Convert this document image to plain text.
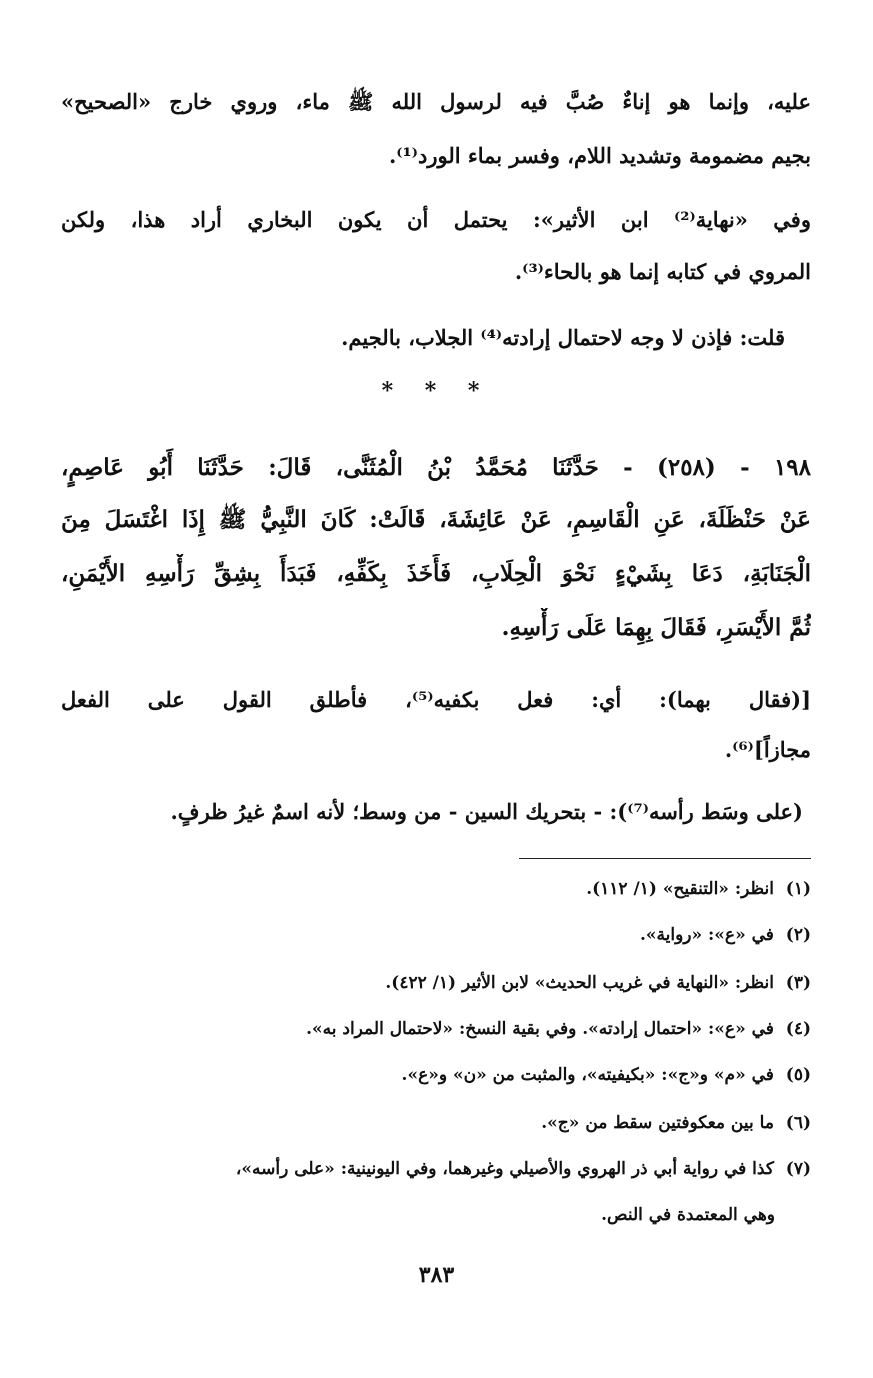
عليه، وإنما هو إناءٌ صُبَّ فيه لرسول الله ﷺ ماء، وروي خارج «الصحيح»
بجيم مضمومة وتشديد اللام، وفسر بماء الورد⁽¹⁾.
وفي «نهاية⁽²⁾ ابن الأثير»: يحتمل أن يكون البخاري أراد هذا، ولكن
المروي في كتابه إنما هو بالحاء⁽³⁾.
قلت: فإذن لا وجه لاحتمال إرادته⁽⁴⁾ الجلاب، بالجيم.
* * *
١٩٨ - (٢٥٨) - حَدَّثَنَا مُحَمَّدُ بْنُ الْمُثَنَّى، قَالَ: حَدَّثَنَا أَبُو عَاصِمٍ،
عَنْ حَنْظَلَةَ، عَنِ الْقَاسِمِ، عَنْ عَائِشَةَ، قَالَتْ: كَانَ النَّبِيُّ ﷺ إِذَا اغْتَسَلَ مِنَ
الْجَنَابَةِ، دَعَا بِشَيْءٍ نَحْوَ الْحِلَابِ، فَأَخَذَ بِكَفِّهِ، فَبَدَأَ بِشِقِّ رَأْسِهِ الأَيْمَنِ،
ثُمَّ الأَيْسَرِ، فَقَالَ بِهِمَا عَلَى رَأْسِهِ.
[(فقال بهما): أي: فعل بكفيه⁽⁵⁾، فأطلق القول على الفعل
مجازاً]⁽⁶⁾.
(على وسَط رأسه⁽⁷⁾): - بتحريك السين - من وسط؛ لأنه اسمٌ غيرُ ظرفٍ.
(١)  انظر: «التنقيح» (١/ ١١٢).
(٢)  في «ع»: «رواية».
(٣)  انظر: «النهاية في غريب الحديث» لابن الأثير (١/ ٤٢٢).
(٤)  في «ع»: «احتمال إرادته». وفي بقية النسخ: «لاحتمال المراد به».
(٥)  في «م» و«ج»: «بكيفيته»، والمثبت من «ن» و«ع».
(٦)  ما بين معكوفتين سقط من «ج».
(٧)  كذا في رواية أبي ذر الهروي والأصيلي وغيرهما، وفي اليونينية: «على رأسه»،
وهي المعتمدة في النص.
٣٨٣
